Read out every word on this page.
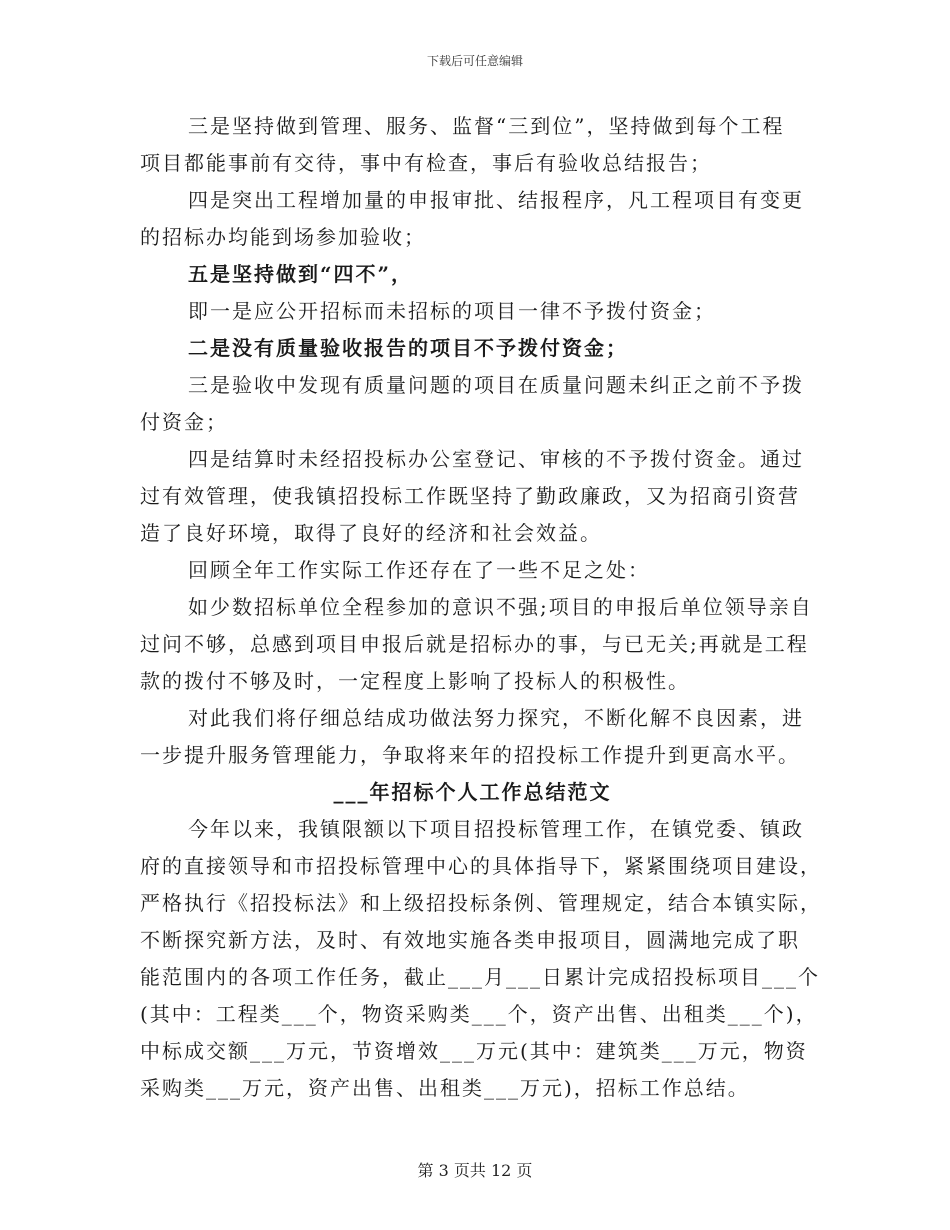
下载后可任意编辑
三是坚持做到管理、服务、监督“三到位”，坚持做到每个工程
项目都能事前有交待，事中有检查，事后有验收总结报告；
四是突出工程增加量的申报审批、结报程序，凡工程项目有变更
的招标办均能到场参加验收；
五是坚持做到“四不”，
即一是应公开招标而未招标的项目一律不予拨付资金；
二是没有质量验收报告的项目不予拨付资金；
三是验收中发现有质量问题的项目在质量问题未纠正之前不予拨
付资金；
四是结算时未经招投标办公室登记、审核的不予拨付资金。通过
过有效管理，使我镇招投标工作既坚持了勤政廉政，又为招商引资营
造了良好环境，取得了良好的经济和社会效益。
回顾全年工作实际工作还存在了一些不足之处：
如少数招标单位全程参加的意识不强;项目的申报后单位领导亲自
过问不够，总感到项目申报后就是招标办的事，与已无关;再就是工程
款的拨付不够及时，一定程度上影响了投标人的积极性。
对此我们将仔细总结成功做法努力探究，不断化解不良因素，进
一步提升服务管理能力，争取将来年的招投标工作提升到更高水平。
___年招标个人工作总结范文
今年以来，我镇限额以下项目招投标管理工作，在镇党委、镇政
府的直接领导和市招投标管理中心的具体指导下，紧紧围绕项目建设，
严格执行《招投标法》和上级招投标条例、管理规定，结合本镇实际，
不断探究新方法，及时、有效地实施各类申报项目，圆满地完成了职
能范围内的各项工作任务，截止___月___日累计完成招投标项目___个
(其中：工程类___个，物资采购类___个，资产出售、出租类___个)，
中标成交额___万元，节资增效___万元(其中：建筑类___万元，物资
采购类___万元，资产出售、出租类___万元)，招标工作总结。
第 3 页共 12 页
